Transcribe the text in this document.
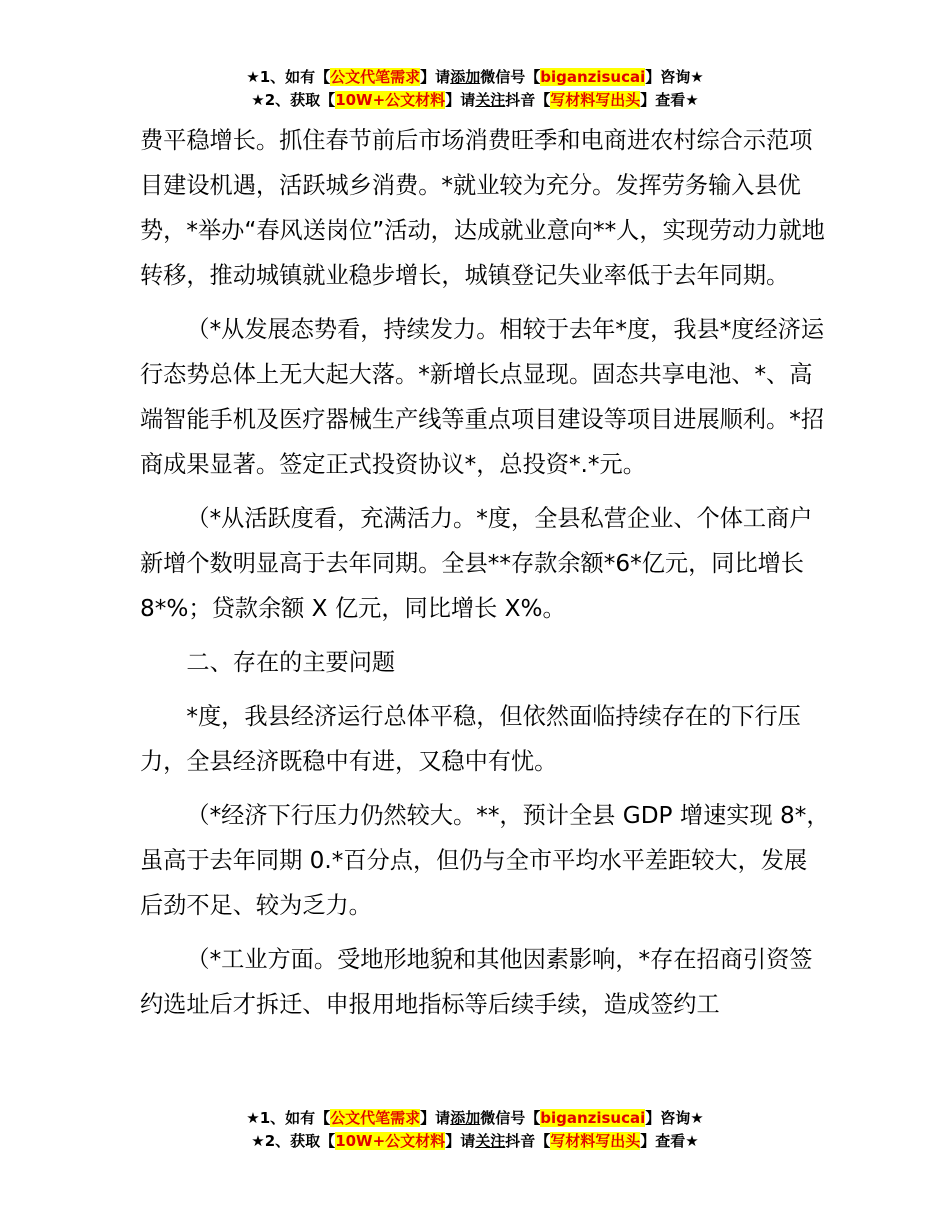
★1、如有【公文代笔需求】请添加微信号【biganzisucai】咨询★
★2、获取【10W+公文材料】请关注抖音【写材料写出头】查看★

费平稳增长。抓住春节前后市场消费旺季和电商进农村综合示范项目建设机遇，活跃城乡消费。*就业较为充分。发挥劳务输入县优势，*举办“春风送岗位”活动，达成就业意向**人，实现劳动力就地转移，推动城镇就业稳步增长，城镇登记失业率低于去年同期。

（*从发展态势看，持续发力。相较于去年*度，我县*度经济运行态势总体上无大起大落。*新增长点显现。固态共享电池、*、高端智能手机及医疗器械生产线等重点项目建设等项目进展顺利。*招商成果显著。签定正式投资协议*，总投资*.*元。

（*从活跃度看，充满活力。*度，全县私营企业、个体工商户新增个数明显高于去年同期。全县**存款余额*6*亿元，同比增长 8*%；贷款余额 X 亿元，同比增长 X%。

二、存在的主要问题

*度，我县经济运行总体平稳，但依然面临持续存在的下行压力，全县经济既稳中有进，又稳中有忧。

（*经济下行压力仍然较大。**，预计全县 GDP 增速实现 8*，虽高于去年同期 0.*百分点，但仍与全市平均水平差距较大，发展后劲不足、较为乏力。

（*工业方面。受地形地貌和其他因素影响，*存在招商引资签约选址后才拆迁、申报用地指标等后续手续，造成签约工

★1、如有【公文代笔需求】请添加微信号【biganzisucai】咨询★
★2、获取【10W+公文材料】请关注抖音【写材料写出头】查看★
